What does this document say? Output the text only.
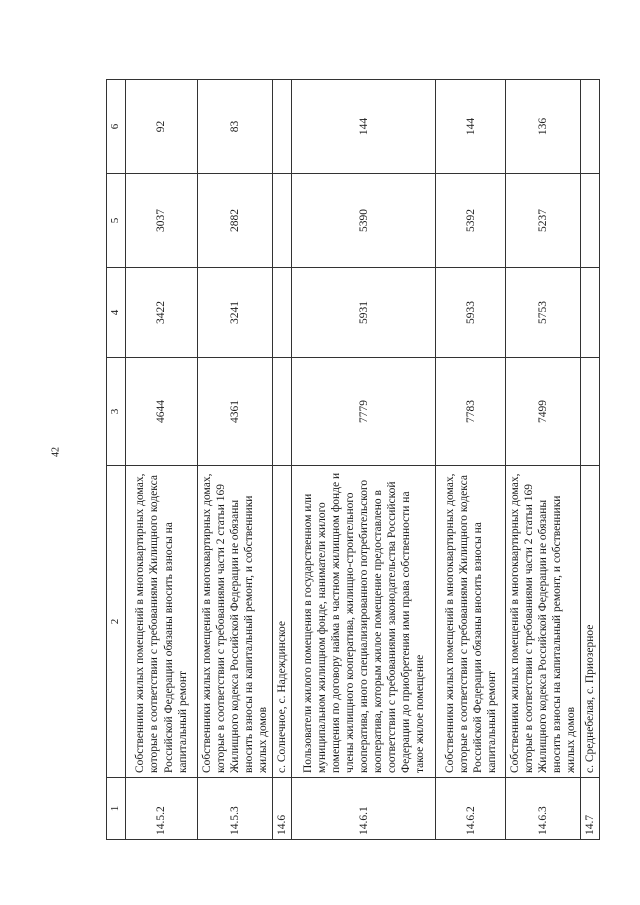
42
1	2	3	4	5	6
14.5.2	Собственники жилых помещений в многоквартирных домах, которые в соответствии с требованиями Жилищного кодекса Российской Федерации обязаны вносить взносы на капитальный ремонт	4644	3422	3037	92
14.5.3	Собственники жилых помещений в многоквартирных домах, которые в соответствии с требованиями части 2 статьи 169 Жилищного кодекса Российской Федерации не обязаны вносить взносы на капитальный ремонт, и собственники жилых домов	4361	3241	2882	83
14.6	с. Солнечное, с. Надеждинское				
14.6.1	Пользователи жилого помещения в государственном или муниципальном жилищном фонде, наниматели жилого помещения по договору найма в частном жилищном фонде и члены жилищного кооператива, жилищно-строительного кооператива, иного специализированного потребительского кооператива, которым жилое помещение предоставлено в соответствии с требованиями законодательства Российской Федерации до приобретения ими права собственности на такое жилое помещение	7779	5931	5390	144
14.6.2	Собственники жилых помещений в многоквартирных домах, которые в соответствии с требованиями Жилищного кодекса Российской Федерации обязаны вносить взносы на капитальный ремонт	7783	5933	5392	144
14.6.3	Собственники жилых помещений в многоквартирных домах, которые в соответствии с требованиями части 2 статьи 169 Жилищного кодекса Российской Федерации не обязаны вносить взносы на капитальный ремонт, и собственники жилых домов	7499	5753	5237	136
14.7	с. Среднебелая, с. Приозерное				
